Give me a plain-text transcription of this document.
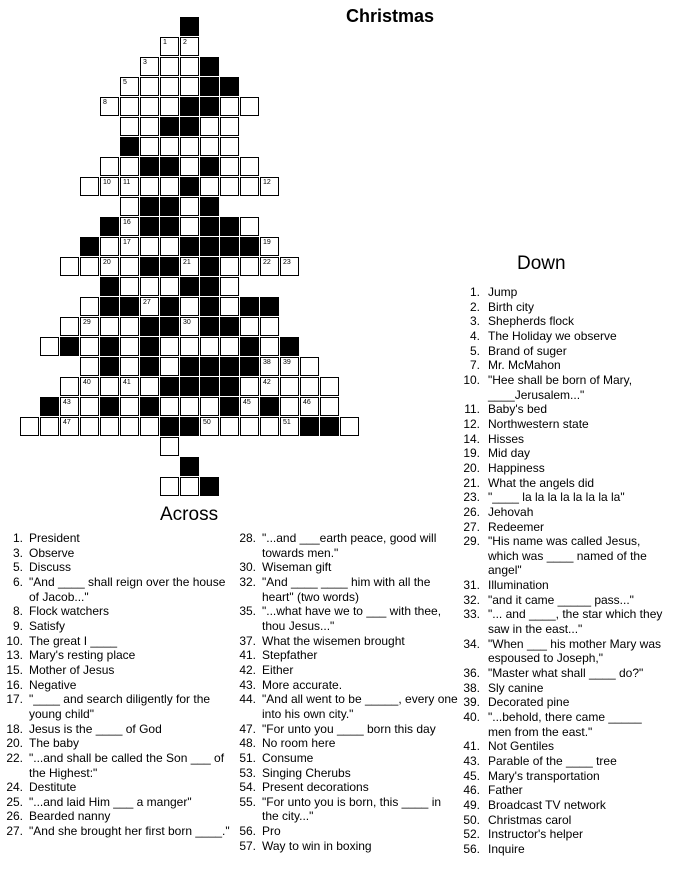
Christmas
1 2
3
5
8
10 11	12
16
17	19
20	21	22 23
27
29	30
38 39
40	41	42
43	45	46
47	50	51
Across
1. President
3. Observe
5. Discuss
6. "And ____ shall reign over the house of Jacob..."
8. Flock watchers
9. Satisfy
10. The great I ____
13. Mary's resting place
15. Mother of Jesus
16. Negative
17. "____ and search diligently for the young child"
18. Jesus is the ____ of God
20. The baby
22. "...and shall be called the Son ___ of the Highest:"
24. Destitute
25. "...and laid Him ___ a manger"
26. Bearded nanny
27. "And she brought her first born ____."
28. "...and ___earth peace, good will towards men."
30. Wiseman gift
32. "And ____ ____ him with all the heart" (two words)
35. "...what have we to ___ with thee, thou Jesus..."
37. What the wisemen brought
41. Stepfather
42. Either
43. More accurate.
44. "And all went to be _____, every one into his own city."
47. "For unto you ____ born this day
48. No room here
51. Consume
53. Singing Cherubs
54. Present decorations
55. "For unto you is born, this ____ in the city..."
56. Pro
57. Way to win in boxing
Down
1. Jump
2. Birth city
3. Shepherds flock
4. The Holiday we observe
5. Brand of suger
7. Mr. McMahon
10. "Hee shall be born of Mary, ____Jerusalem..."
11. Baby's bed
12. Northwestern state
14. Hisses
19. Mid day
20. Happiness
21. What the angels did
23. "____ la la la la la la la la"
26. Jehovah
27. Redeemer
29. "His name was called Jesus, which was ____ named of the angel"
31. Illumination
32. "and it came _____ pass..."
33. "... and ____, the star which they saw in the east..."
34. "When ___ his mother Mary was espoused to Joseph,"
36. "Master what shall ____ do?"
38. Sly canine
39. Decorated pine
40. "...behold, there came _____ men from the east."
41. Not Gentiles
43. Parable of the ____ tree
45. Mary's transportation
46. Father
49. Broadcast TV network
50. Christmas carol
52. Instructor's helper
56. Inquire
